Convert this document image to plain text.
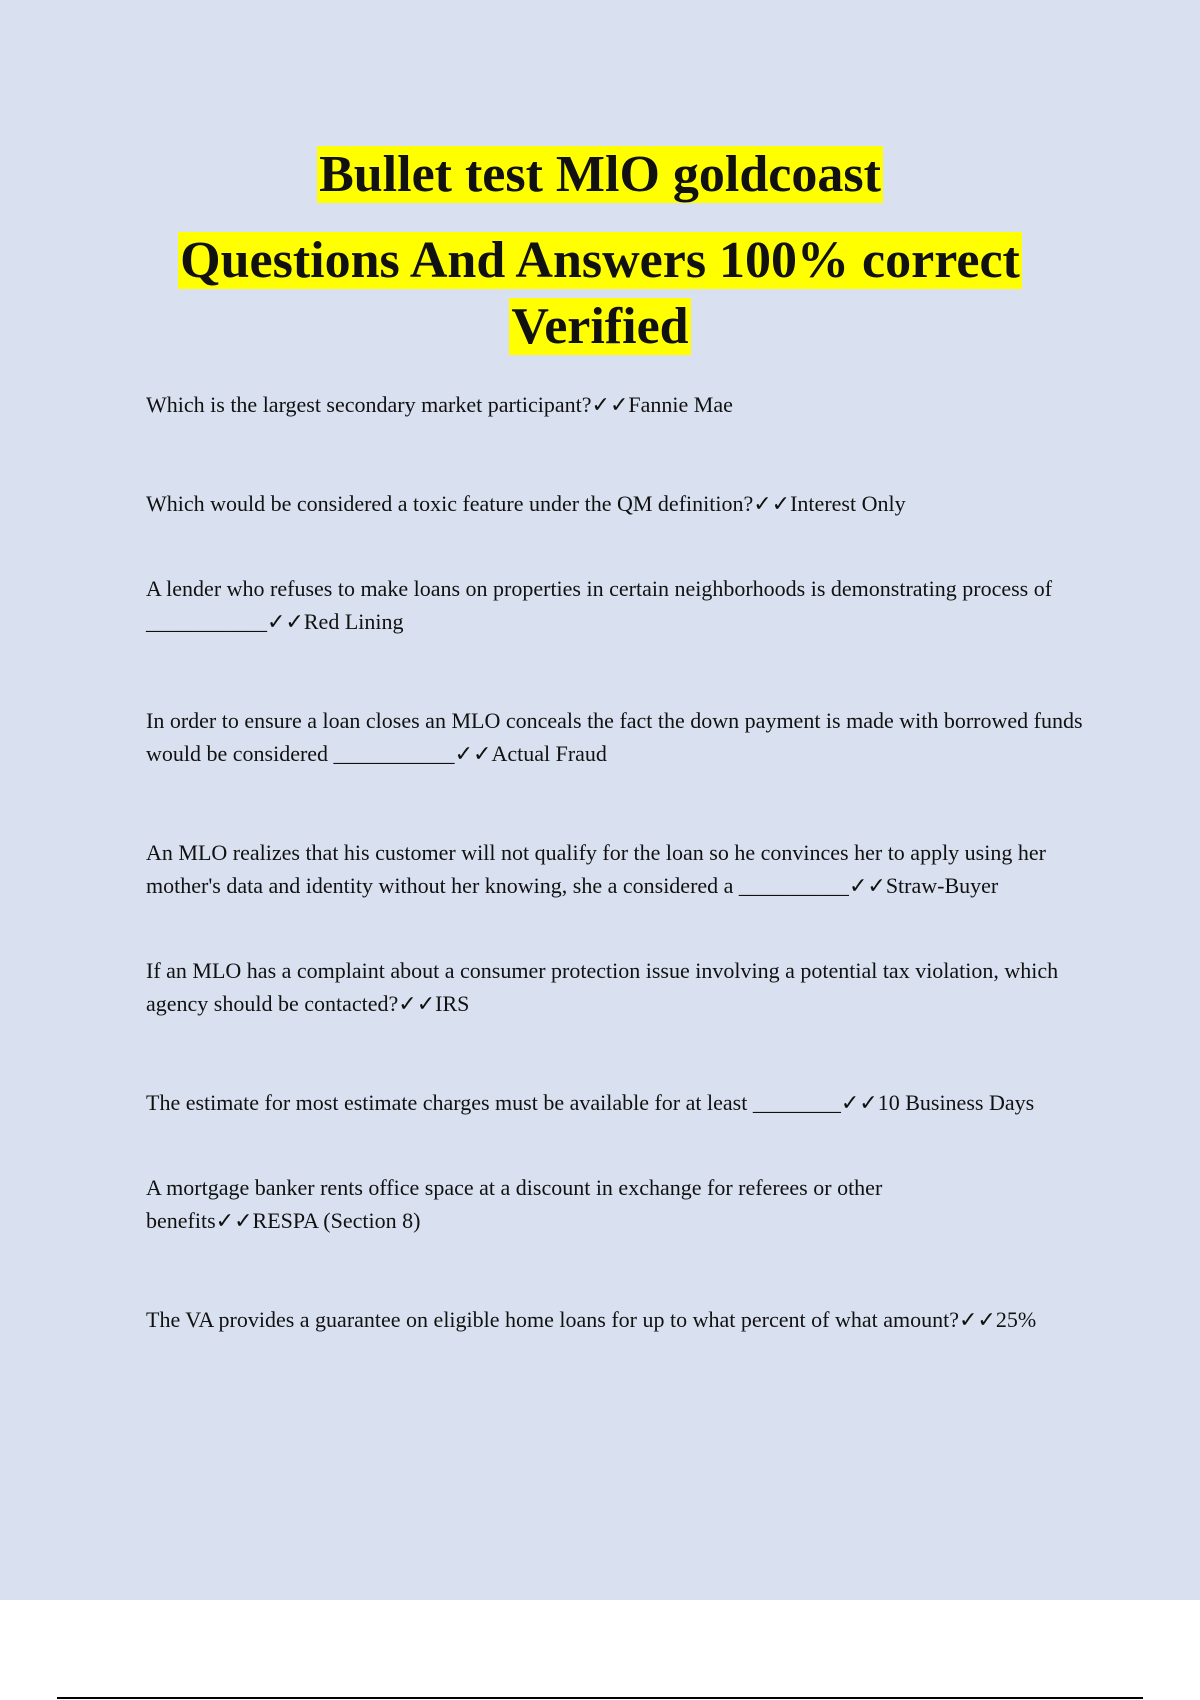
Bullet test MlO goldcoast

Questions And Answers 100% correct

Verified

Which is the largest secondary market participant?✓✓Fannie Mae
Which would be considered a toxic feature under the QM definition?✓✓Interest Only
A lender who refuses to make loans on properties in certain neighborhoods is demonstrating process of ___________✓✓Red Lining
In order to ensure a loan closes an MLO conceals the fact the down payment is made with borrowed funds would be considered ___________✓✓Actual Fraud
An MLO realizes that his customer will not qualify for the loan so he convinces her to apply using her mother's data and identity without her knowing, she a considered a __________✓✓Straw-Buyer
If an MLO has a complaint about a consumer protection issue involving a potential tax violation, which agency should be contacted?✓✓IRS
The estimate for most estimate charges must be available for at least ________✓✓10 Business Days
A mortgage banker rents office space at a discount in exchange for referees or other benefits✓✓RESPA (Section 8)
The VA provides a guarantee on eligible home loans for up to what percent of what amount?✓✓25%
